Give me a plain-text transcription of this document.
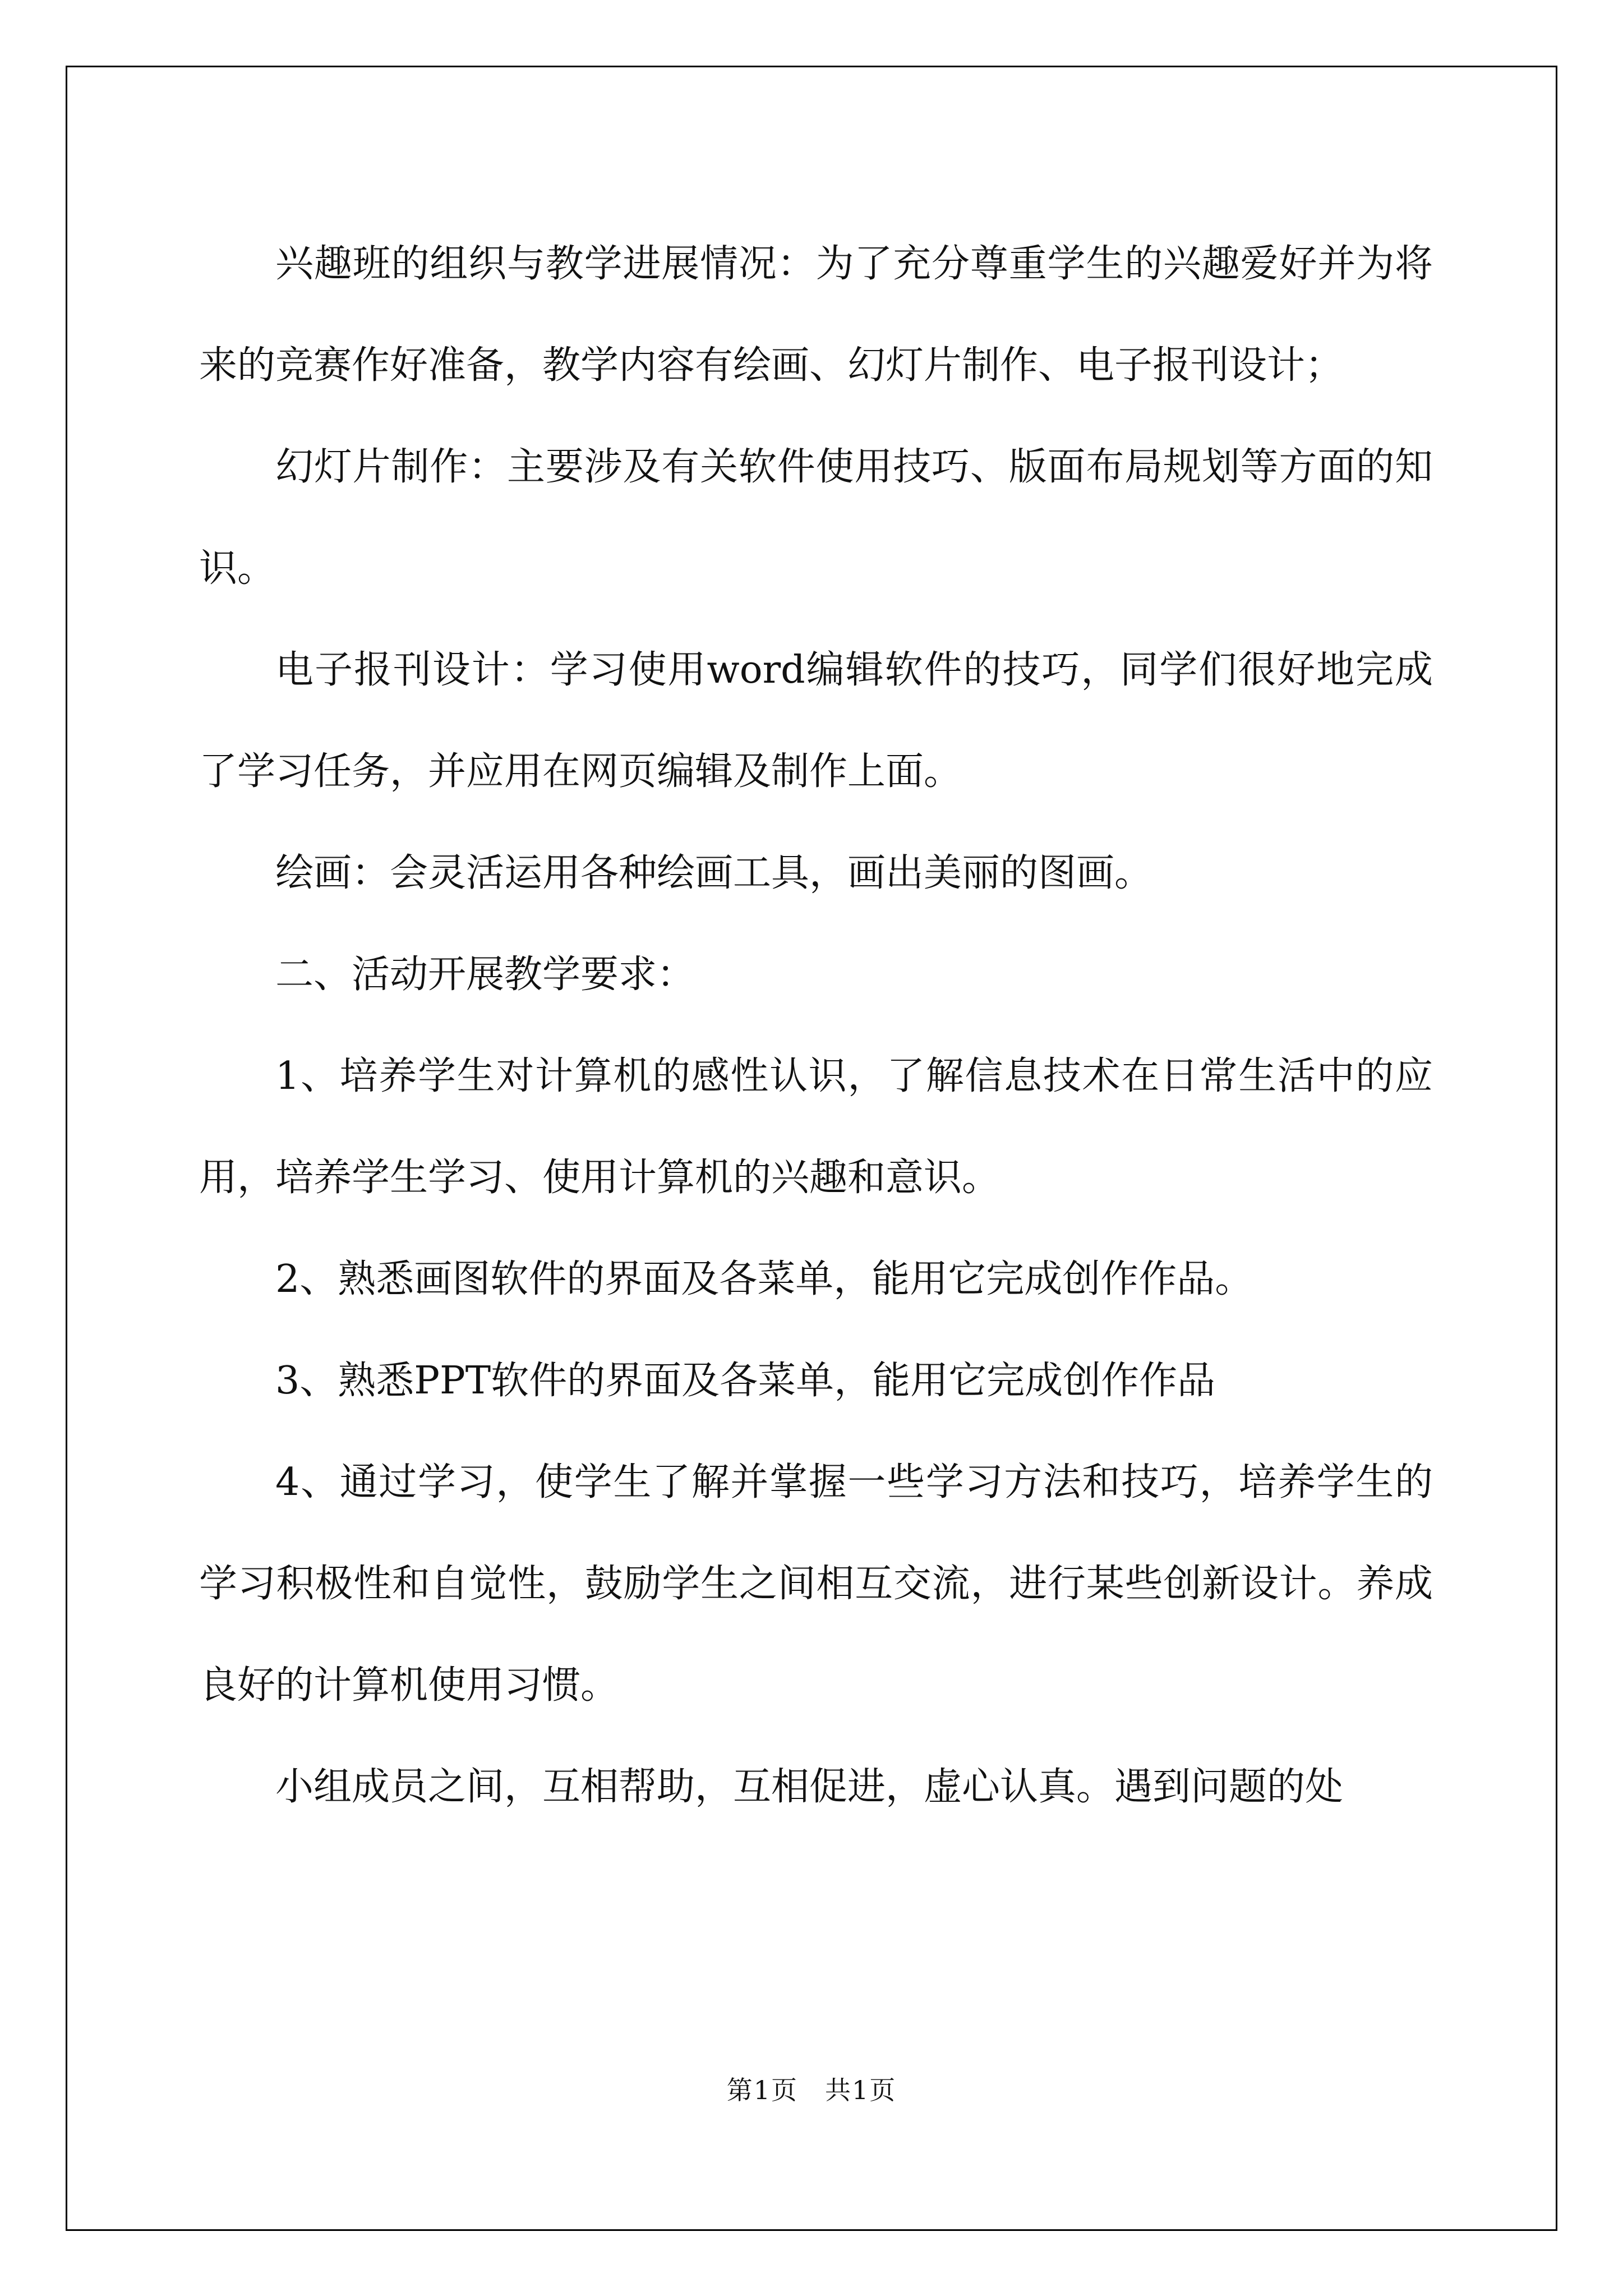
兴趣班的组织与教学进展情况：为了充分尊重学生的兴趣爱好并为将来的竞赛作好准备，教学内容有绘画、幻灯片制作、电子报刊设计；

幻灯片制作：主要涉及有关软件使用技巧、版面布局规划等方面的知识。

电子报刊设计：学习使用word编辑软件的技巧，同学们很好地完成了学习任务，并应用在网页编辑及制作上面。

绘画：会灵活运用各种绘画工具，画出美丽的图画。

二、活动开展教学要求：

1、培养学生对计算机的感性认识，了解信息技术在日常生活中的应用，培养学生学习、使用计算机的兴趣和意识。

2、熟悉画图软件的界面及各菜单，能用它完成创作作品。

3、熟悉PPT软件的界面及各菜单，能用它完成创作作品

4、通过学习，使学生了解并掌握一些学习方法和技巧，培养学生的学习积极性和自觉性，鼓励学生之间相互交流，进行某些创新设计。养成良好的计算机使用习惯。

小组成员之间，互相帮助，互相促进，虚心认真。遇到问题的处

第1页　共1页
